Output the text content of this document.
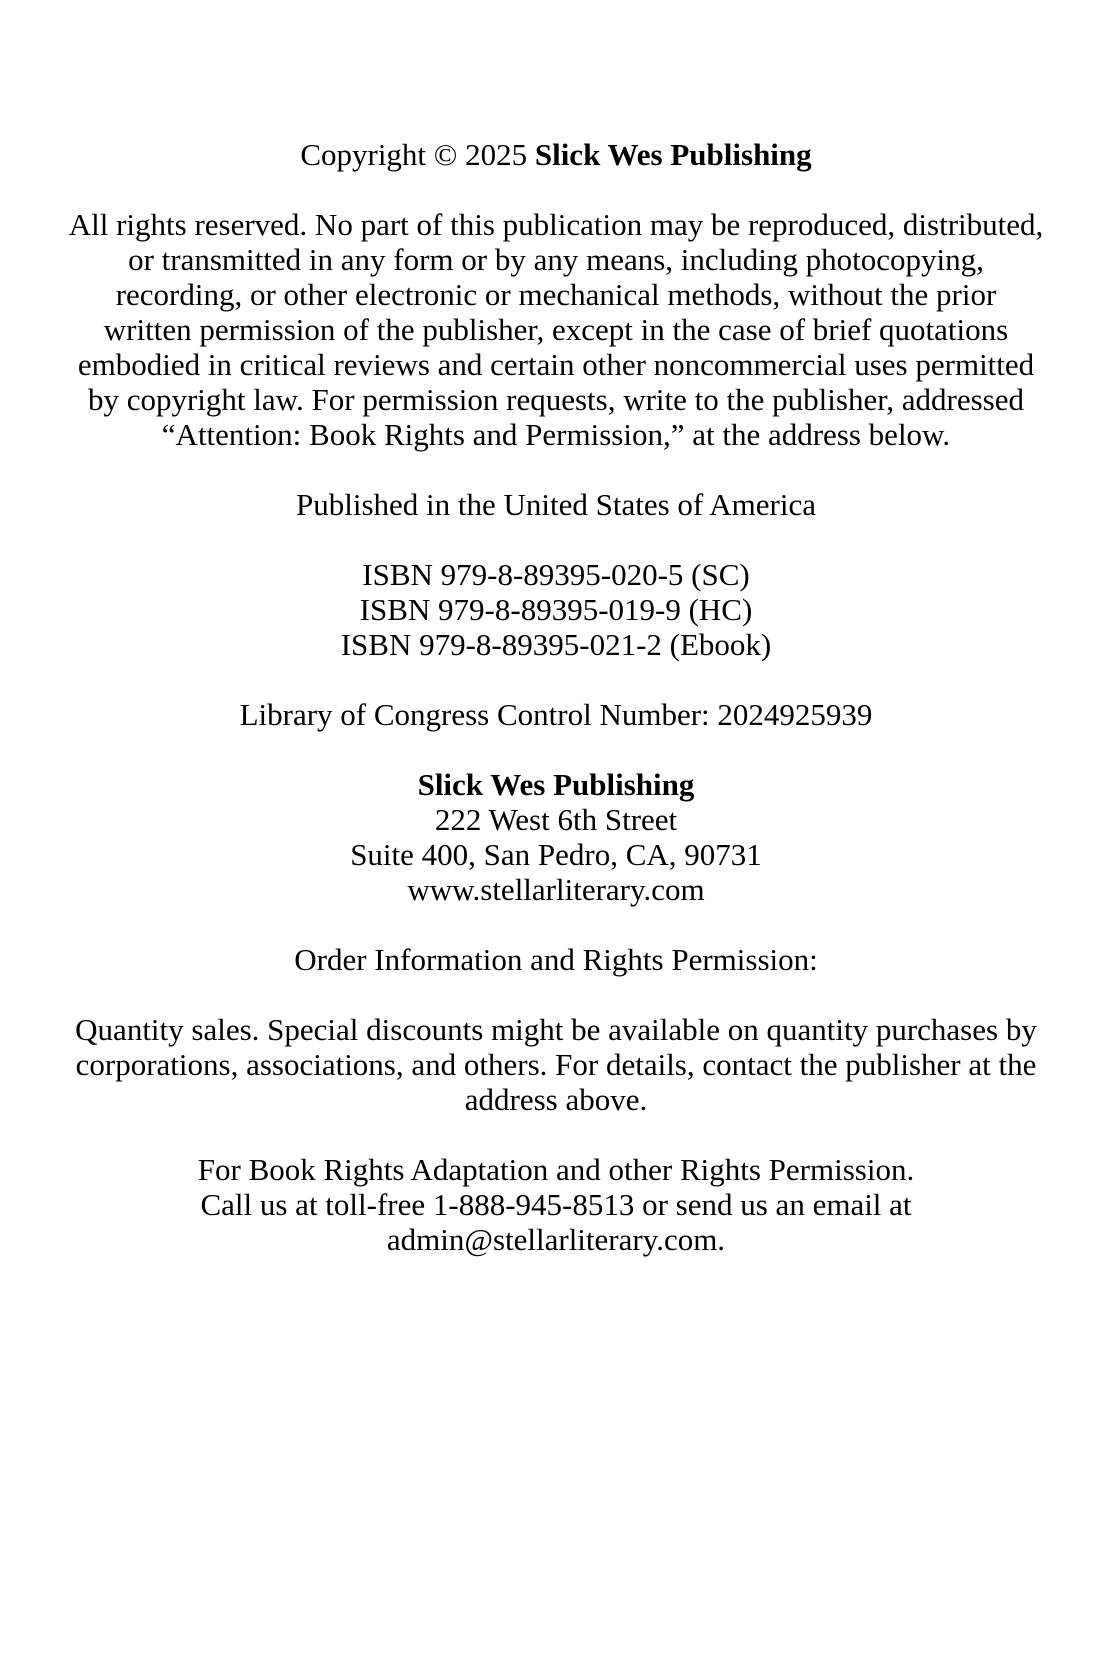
Copyright © 2025 Slick Wes Publishing

All rights reserved. No part of this publication may be reproduced, distributed,
or transmitted in any form or by any means, including photocopying,
recording, or other electronic or mechanical methods, without the prior
written permission of the publisher, except in the case of brief quotations
embodied in critical reviews and certain other noncommercial uses permitted
by copyright law. For permission requests, write to the publisher, addressed
“Attention: Book Rights and Permission,” at the address below.
Published in the United States of America
ISBN 979-8-89395-020-5 (SC)
ISBN 979-8-89395-019-9 (HC)
ISBN 979-8-89395-021-2 (Ebook)
Library of Congress Control Number: 2024925939
Slick Wes Publishing
222 West 6th Street
Suite 400, San Pedro, CA, 90731
www.stellarliterary.com
Order Information and Rights Permission:
Quantity sales. Special discounts might be available on quantity purchases by
corporations, associations, and others. For details, contact the publisher at the
address above.
For Book Rights Adaptation and other Rights Permission.
Call us at toll-free 1-888-945-8513 or send us an email at
admin@stellarliterary.com.
